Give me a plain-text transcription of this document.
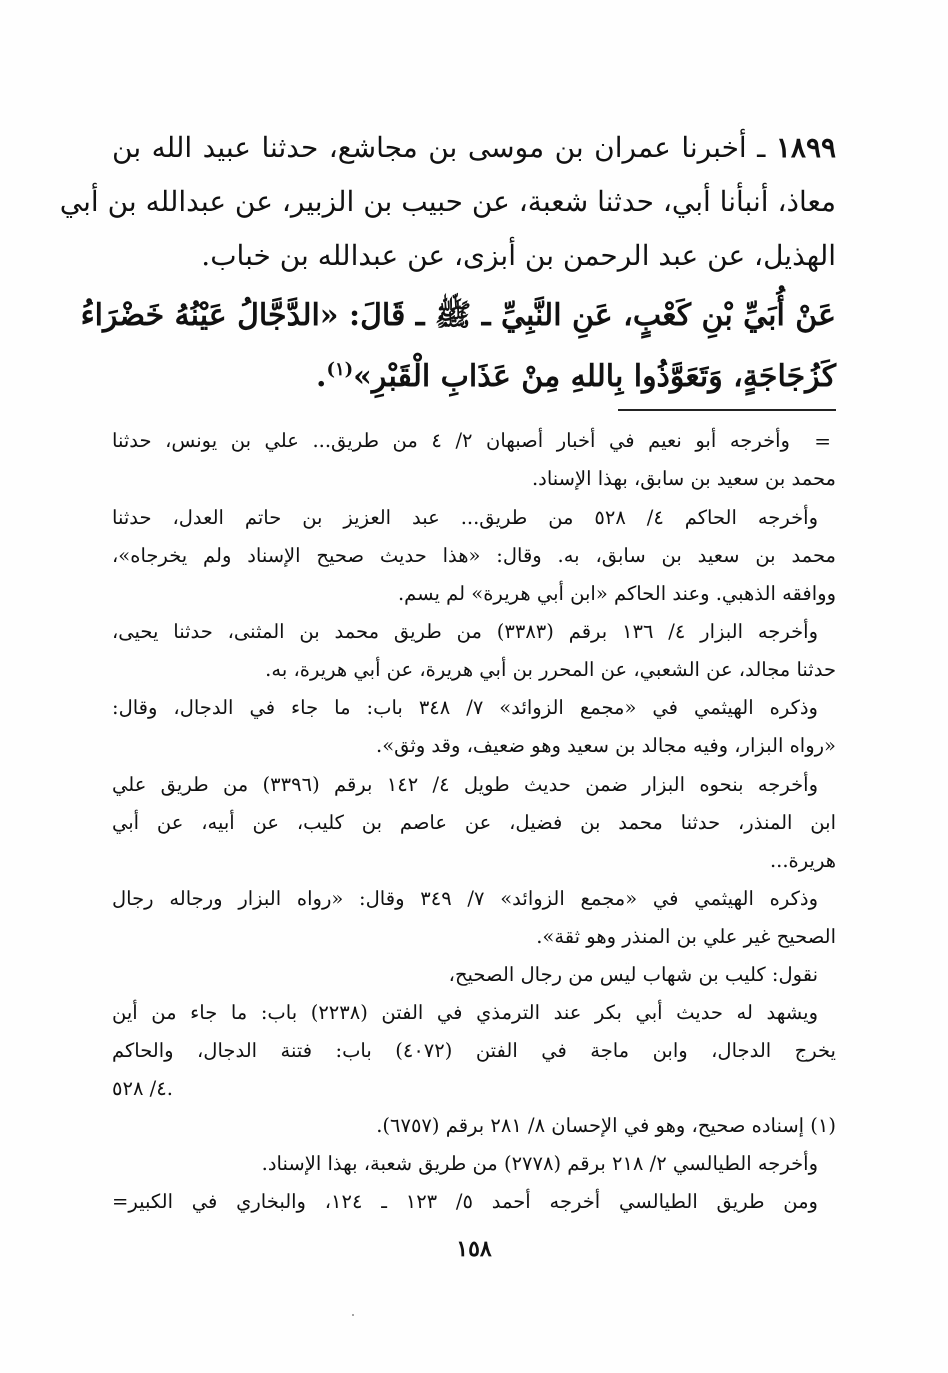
١٨٩٩ ـ أخبرنا عمران بن موسى بن مجاشع، حدثنا عبيد الله بن
معاذ، أنبأنا أبي، حدثنا شعبة، عن حبيب بن الزبير، عن عبدالله بن أبي
الهذيل، عن عبد الرحمن بن أبزى، عن عبدالله بن خباب.
عَنْ أُبَيِّ بْنِ كَعْبٍ، عَنِ النَّبِيِّ ـ ﷺ ـ قَالَ: «الدَّجَّالُ عَيْنُهُ خَضْرَاءُ
كَزُجَاجَةٍ، وَتَعَوَّذُوا بِاللهِ مِنْ عَذَابِ الْقَبْرِ»$^{(١)}$.
=
وأخرجه أبو نعيم في أخبار أصبهان ٢/ ٤ من طريق... علي بن يونس، حدثنا
محمد بن سعيد بن سابق، بهذا الإسناد.
وأخرجه الحاكم ٤/ ٥٢٨ من طريق... عبد العزيز بن حاتم العدل، حدثنا
محمد بن سعيد بن سابق، به. وقال: «هذا حديث صحيح الإسناد ولم يخرجاه»،
ووافقه الذهبي. وعند الحاكم «ابن أبي هريرة» لم يسم.
وأخرجه البزار ٤/ ١٣٦ برقم (٣٣٨٣) من طريق محمد بن المثنى، حدثنا يحيى،
حدثنا مجالد، عن الشعبي، عن المحرر بن أبي هريرة، عن أبي هريرة، به.
وذكره الهيثمي في «مجمع الزوائد» ٧/ ٣٤٨ باب: ما جاء في الدجال، وقال:
«رواه البزار، وفيه مجالد بن سعيد وهو ضعيف، وقد وثق».
وأخرجه بنحوه البزار ضمن حديث طويل ٤/ ١٤٢ برقم (٣٣٩٦) من طريق علي
ابن المنذر، حدثنا محمد بن فضيل، عن عاصم بن كليب، عن أبيه، عن أبي
هريرة...
وذكره الهيثمي في «مجمع الزوائد» ٧/ ٣٤٩ وقال: «رواه البزار ورجاله رجال
الصحيح غير علي بن المنذر وهو ثقة».
نقول: كليب بن شهاب ليس من رجال الصحيح،
ويشهد له حديث أبي بكر عند الترمذي في الفتن (٢٢٣٨) باب: ما جاء من أين
يخرج الدجال، وابن ماجة في الفتن (٤٠٧٢) باب: فتنة الدجال، والحاكم
٤/ ٥٢٨.
(١) إسناده صحيح، وهو في الإحسان ٨/ ٢٨١ برقم (٦٧٥٧).
وأخرجه الطيالسي ٢/ ٢١٨ برقم (٢٧٧٨) من طريق شعبة، بهذا الإسناد.
ومن طريق الطيالسي أخرجه أحمد ٥/ ١٢٣ ـ ١٢٤، والبخاري في الكبير=
١٥٨
